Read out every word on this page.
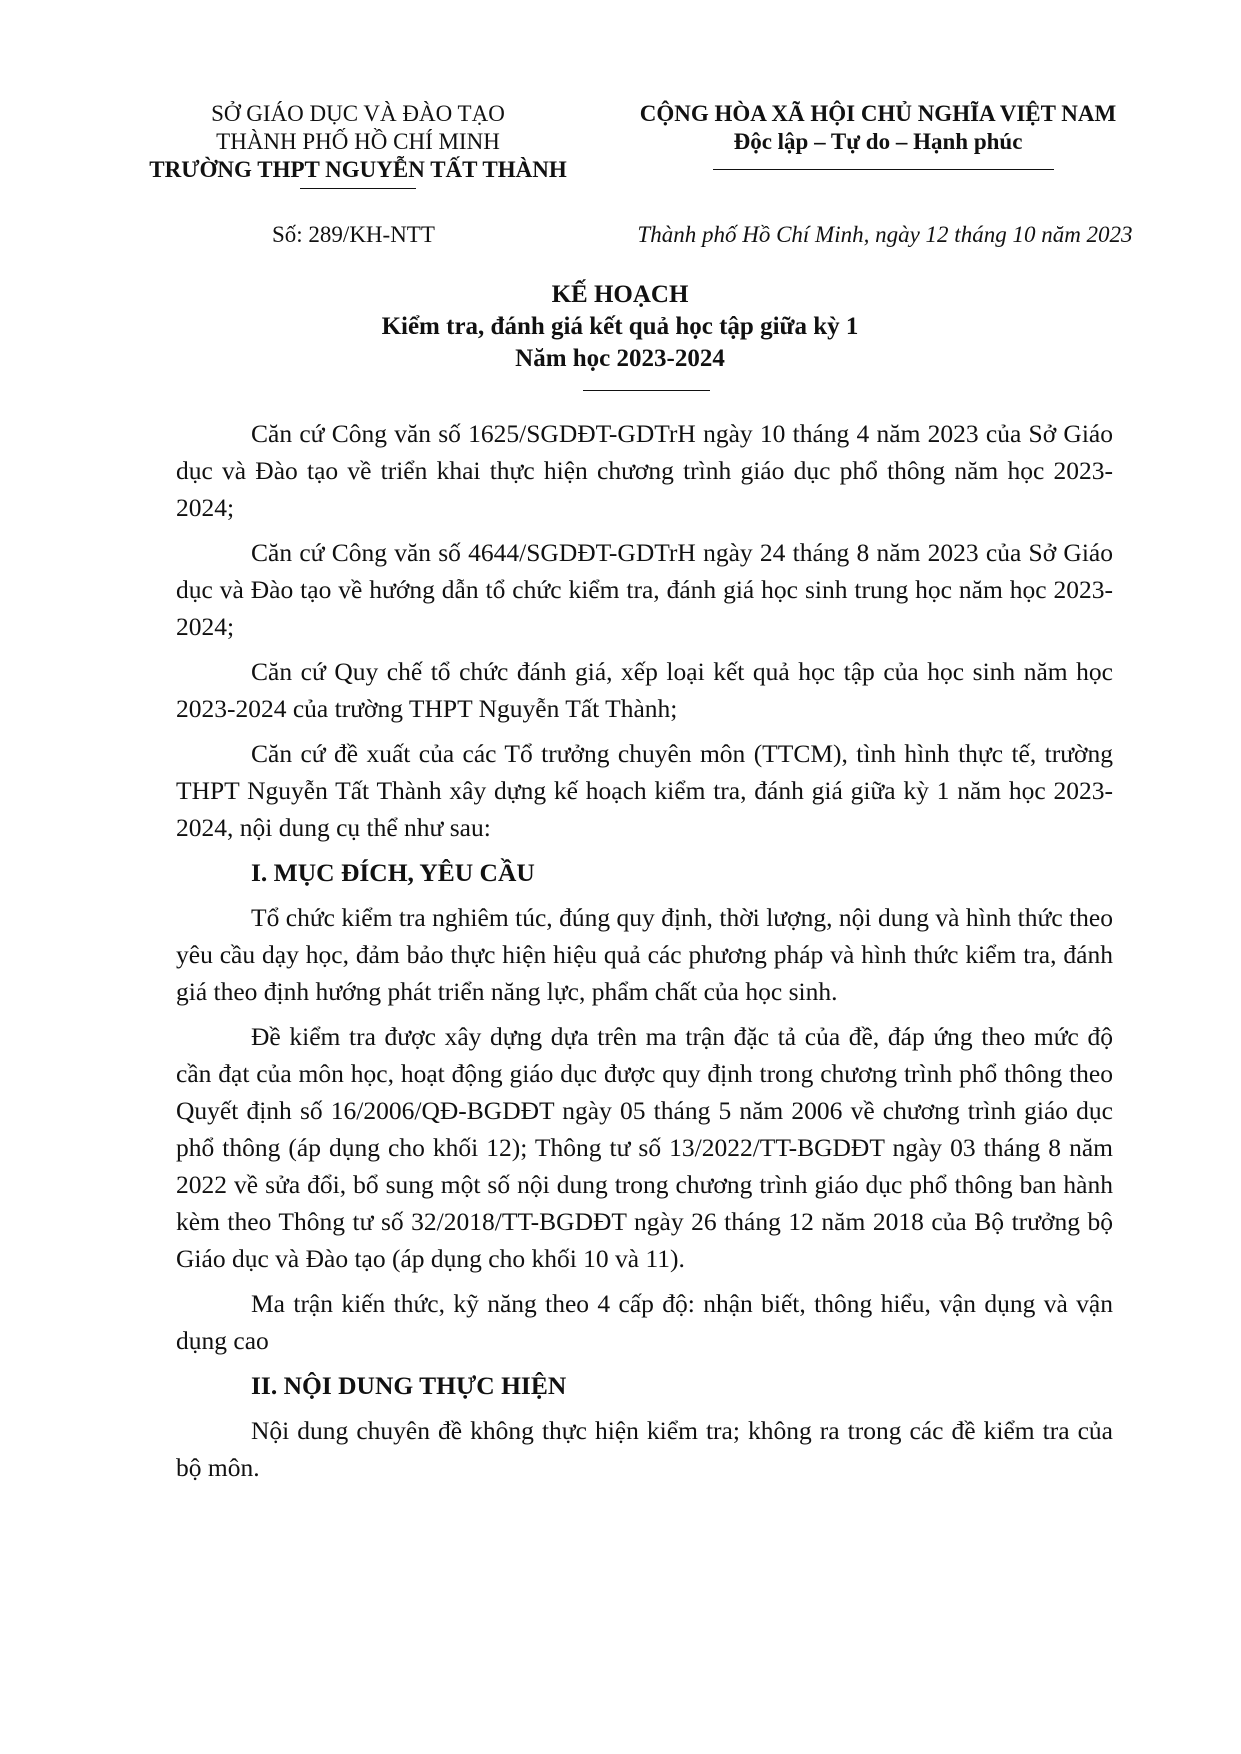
SỞ GIÁO DỤC VÀ ĐÀO TẠO
THÀNH PHỐ HỒ CHÍ MINH
TRƯỜNG THPT NGUYỄN TẤT THÀNH
CỘNG HÒA XÃ HỘI CHỦ NGHĨA VIỆT NAM
Độc lập – Tự do – Hạnh phúc
Số: 289/KH-NTT	Thành phố Hồ Chí Minh, ngày 12 tháng 10 năm 2023
KẾ HOẠCH
Kiểm tra, đánh giá kết quả học tập giữa kỳ 1
Năm học 2023-2024

Căn cứ Công văn số 1625/SGDĐT-GDTrH ngày 10 tháng 4 năm 2023 của Sở Giáo dục và Đào tạo về triển khai thực hiện chương trình giáo dục phổ thông năm học 2023-2024;

Căn cứ Công văn số 4644/SGDĐT-GDTrH ngày 24 tháng 8 năm 2023 của Sở Giáo dục và Đào tạo về hướng dẫn tổ chức kiểm tra, đánh giá học sinh trung học năm học 2023-2024;

Căn cứ Quy chế tổ chức đánh giá, xếp loại kết quả học tập của học sinh năm học 2023-2024 của trường THPT Nguyễn Tất Thành;

Căn cứ đề xuất của các Tổ trưởng chuyên môn (TTCM), tình hình thực tế, trường THPT Nguyễn Tất Thành xây dựng kế hoạch kiểm tra, đánh giá giữa kỳ 1 năm học 2023-2024, nội dung cụ thể như sau:

I. MỤC ĐÍCH, YÊU CẦU

Tổ chức kiểm tra nghiêm túc, đúng quy định, thời lượng, nội dung và hình thức theo yêu cầu dạy học, đảm bảo thực hiện hiệu quả các phương pháp và hình thức kiểm tra, đánh giá theo định hướng phát triển năng lực, phẩm chất của học sinh.

Đề kiểm tra được xây dựng dựa trên ma trận đặc tả của đề, đáp ứng theo mức độ cần đạt của môn học, hoạt động giáo dục được quy định trong chương trình phổ thông theo Quyết định số 16/2006/QĐ-BGDĐT ngày 05 tháng 5 năm 2006 về chương trình giáo dục phổ thông (áp dụng cho khối 12); Thông tư số 13/2022/TT-BGDĐT ngày 03 tháng 8 năm 2022 về sửa đổi, bổ sung một số nội dung trong chương trình giáo dục phổ thông ban hành kèm theo Thông tư số 32/2018/TT-BGDĐT ngày 26 tháng 12 năm 2018 của Bộ trưởng bộ Giáo dục và Đào tạo (áp dụng cho khối 10 và 11).

Ma trận kiến thức, kỹ năng theo 4 cấp độ: nhận biết, thông hiểu, vận dụng và vận dụng cao

II. NỘI DUNG THỰC HIỆN

Nội dung chuyên đề không thực hiện kiểm tra; không ra trong các đề kiểm tra của bộ môn.
